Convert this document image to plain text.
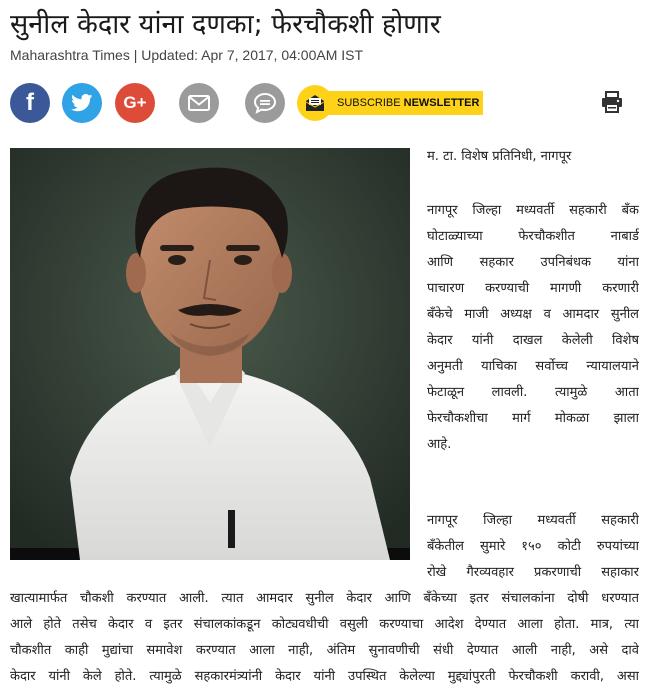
सुनील केदार यांना दणका; फेरचौकशी होणार
Maharashtra Times | Updated: Apr 7, 2017, 04:00AM IST
f	G+	SUBSCRIBE NEWSLETTER
म. टा. विशेष प्रतिनिधी, नागपूर
नागपूर जिल्हा मध्यवर्ती सहकारी बँक
घोटाळ्याच्या फेरचौकशीत नाबार्ड
आणि सहकार उपनिबंधक यांना
पाचारण करण्याची मागणी करणारी
बँकेचे माजी अध्यक्ष व आमदार सुनील
केदार यांनी दाखल केलेली विशेष
अनुमती याचिका सर्वोच्च न्यायालयाने
फेटाळून लावली. त्यामुळे आता
फेरचौकशीचा मार्ग मोकळा झाला
आहे.
नागपूर जिल्हा मध्यवर्ती सहकारी
बँकेतील सुमारे १५० कोटी रुपयांच्या
रोखे गैरव्यवहार प्रकरणाची सहाकार
खात्यामार्फत चौकशी करण्यात आली. त्यात आमदार सुनील केदार आणि बँकेच्या इतर संचालकांना दोषी धरण्यात
आले होते तसेच केदार व इतर संचालकांकडून कोट्यवधीची वसुली करण्याचा आदेश देण्यात आला होता. मात्र, त्या
चौकशीत काही मुद्यांचा समावेश करण्यात आला नाही, अंतिम सुनावणीची संधी देण्यात आली नाही, असे दावे
केदार यांनी केले होते. त्यामुळे सहकारमंत्र्यांनी केदार यांनी उपस्थित केलेल्या मुद्द्यांपुरती फेरचौकशी करावी, असा
